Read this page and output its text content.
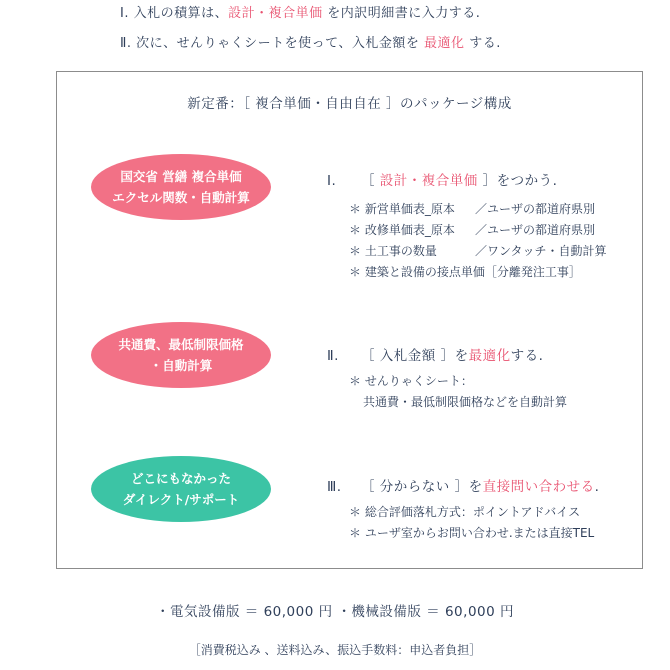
Ⅰ. 入札の積算は、設計・複合単価 を内訳明細書に入力する.
Ⅱ. 次に、せんりゃくシートを使って、入札金額を 最適化 する.
新定番：［ 複合単価・自由自在 ］のパッケージ構成
国交省 営繕 複合単価
エクセル関数・自動計算
共通費、最低制限価格
・自動計算
どこにもなかった
ダイレクト/サポート
Ⅰ. ［ 設計・複合単価 ］をつかう.
＊ 新営単価表_原本 ／ユーザの都道府県別
＊ 改修単価表_原本 ／ユーザの都道府県別
＊ 土工事の数量	／ワンタッチ・自動計算
＊ 建築と設備の接点単価［分離発注工事］
Ⅱ. ［ 入札金額 ］を最適化する.
＊ せんりゃくシート：
共通費・最低制限価格などを自動計算
Ⅲ. ［ 分からない ］を直接問い合わせる.
＊ 総合評価落札方式：ポイントアドバイス
＊ ユーザ室からお問い合わせ.または直接TEL
・電気設備版 ＝ 60,000 円 ・機械設備版 ＝ 60,000 円
［消費税込み 、送料込み、振込手数料：申込者負担］
